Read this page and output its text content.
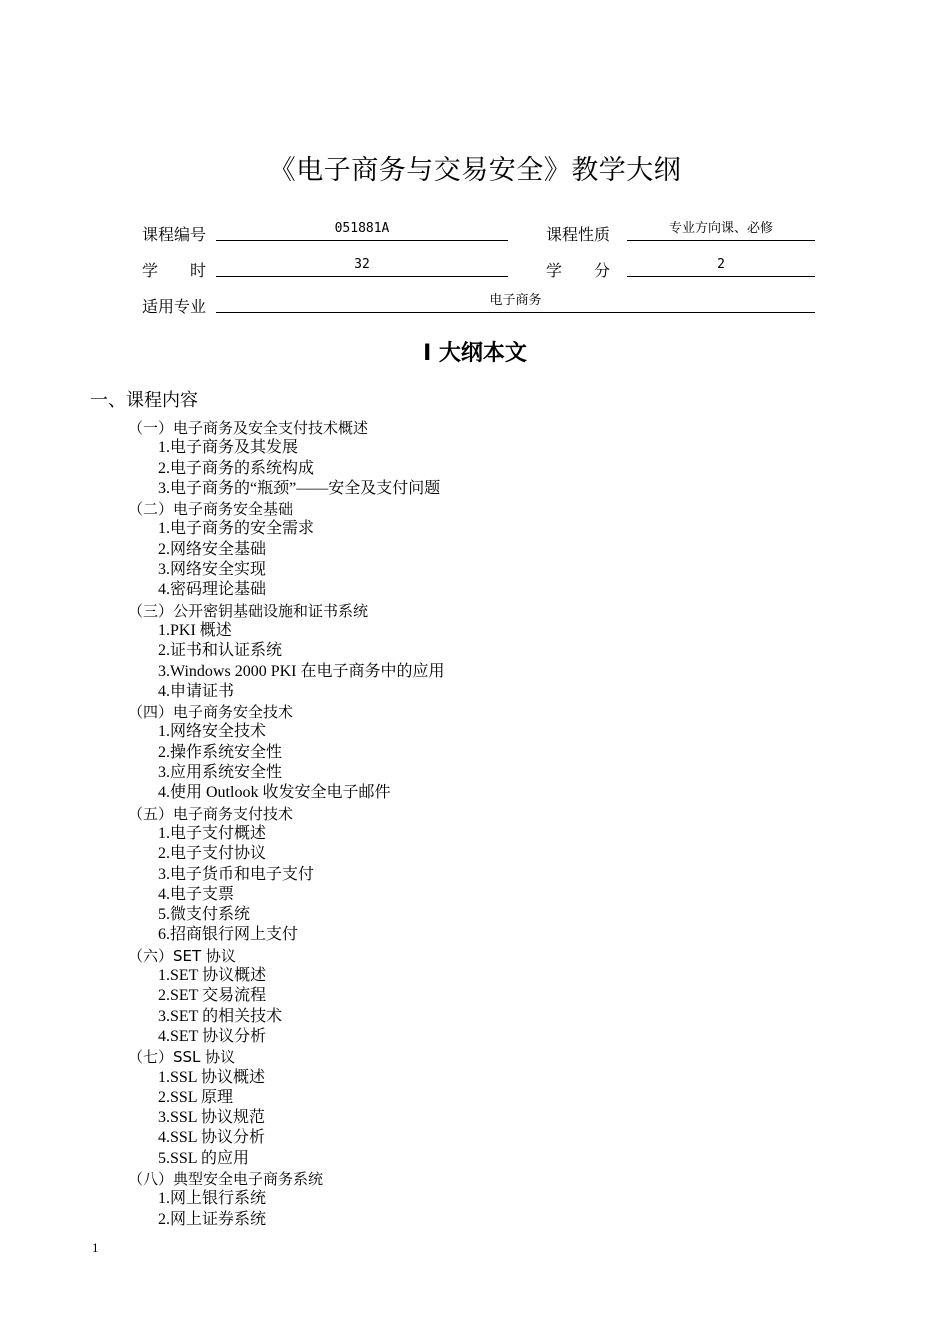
《电子商务与交易安全》教学大纲
课程编号	051881A	课程性质	专业方向课、必修
学　　时	32	学　　分	2
适用专业	电子商务
Ⅰ 大纲本文
一、课程内容
（一）电子商务及安全支付技术概述
1.电子商务及其发展
2.电子商务的系统构成
3.电子商务的“瓶颈”——安全及支付问题
（二）电子商务安全基础
1.电子商务的安全需求
2.网络安全基础
3.网络安全实现
4.密码理论基础
（三）公开密钥基础设施和证书系统
1.PKI 概述
2.证书和认证系统
3.Windows 2000 PKI 在电子商务中的应用
4.申请证书
（四）电子商务安全技术
1.网络安全技术
2.操作系统安全性
3.应用系统安全性
4.使用 Outlook 收发安全电子邮件
（五）电子商务支付技术
1.电子支付概述
2.电子支付协议
3.电子货币和电子支付
4.电子支票
5.微支付系统
6.招商银行网上支付
（六）SET 协议
1.SET 协议概述
2.SET 交易流程
3.SET 的相关技术
4.SET 协议分析
（七）SSL 协议
1.SSL 协议概述
2.SSL 原理
3.SSL 协议规范
4.SSL 协议分析
5.SSL 的应用
（八）典型安全电子商务系统
1.网上银行系统
2.网上证券系统
1
